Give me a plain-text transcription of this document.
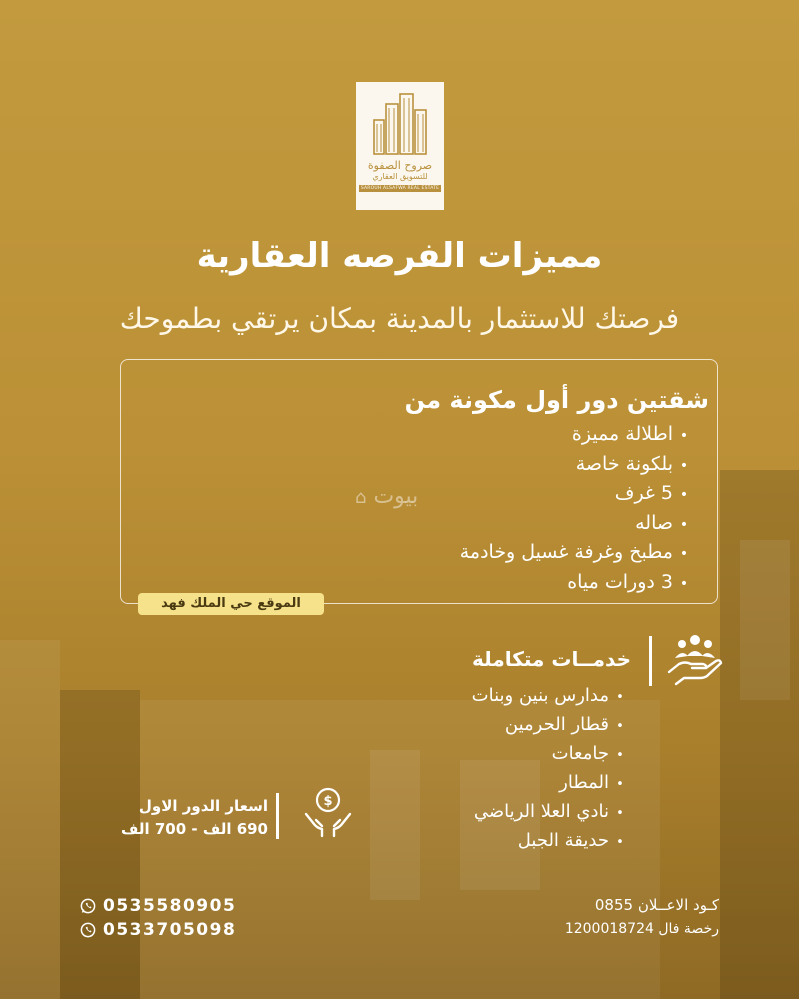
صروح الصفوة
للتسويق العقاري
SAROUH ALSAFWA REAL ESTATE
مميزات الفرصه العقارية
فرصتك للاستثمار بالمدينة بمكان يرتقي بطموحك
شقتين دور أول مكونة من
• اطلالة مميزة
• بلكونة خاصة
• 5 غرف
• صاله
• مطبخ وغرفة غسيل وخادمة
• 3 دورات مياه
بيوت ⌂
الموقع حي الملك فهد
خدمــات متكاملة
• مدارس بنين وبنات
• قطار الحرمين
• جامعات
• المطار
• نادي العلا الرياضي
• حديقة الجبل
$
اسعار الدور الاول
690 الف - 700 الف
0535580905
0533705098
كـود الاعــلان 0855
رخصة فال 1200018724
